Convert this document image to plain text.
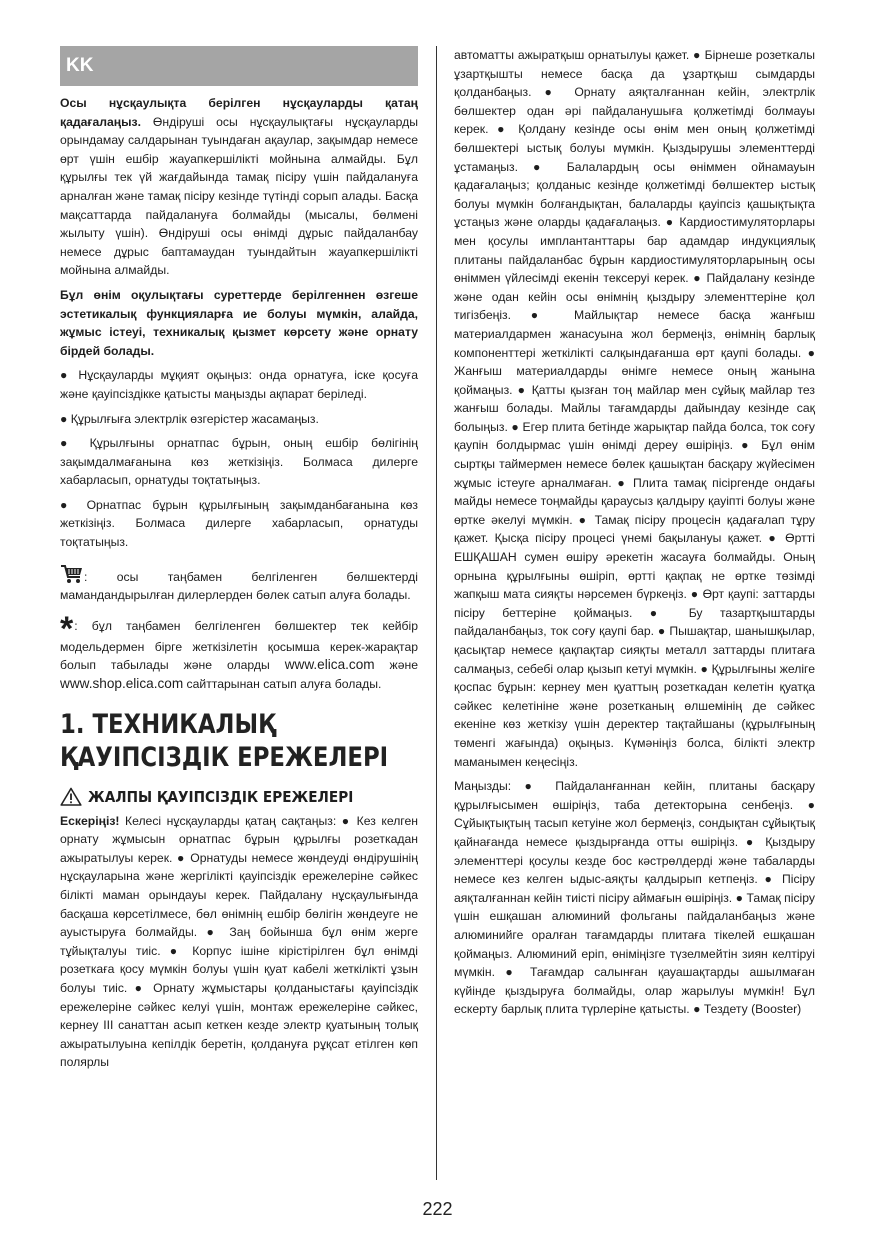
KK

Осы нұсқаулықта берілген нұсқауларды қатаң қадағалаңыз. Өндіруші осы нұсқаулықтағы нұсқауларды орындамау салдарынан туындаған ақаулар, зақымдар немесе өрт үшін ешбір жауапкершілікті мойнына алмайды. Бұл құрылғы тек үй жағдайында тамақ пісіру үшін пайдалануға арналған және тамақ пісіру кезінде түтінді сорып алады. Басқа мақсаттарда пайдалануға болмайды (мысалы, бөлмені жылыту үшін). Өндіруші осы өнімді дұрыс пайдаланбау немесе дұрыс баптамаудан туындайтын жауапкершілікті мойнына алмайды.

Бұл өнім оқулықтағы суреттерде берілгеннен өзгеше эстетикалық функцияларға ие болуы мүмкін, алайда, жұмыс істеуі, техникалық қызмет көрсету және орнату бірдей болады.

● Нұсқауларды мұқият оқыңыз: онда орнатуға, іске қосуға және қауіпсіздікке қатысты маңызды ақпарат беріледі.

● Құрылғыға электрлік өзгерістер жасамаңыз.

● Құрылғыны орнатпас бұрын, оның ешбір бөлігінің зақымдалмағанына көз жеткізіңіз. Болмаса дилерге хабарласып, орнатуды тоқтатыңыз.

● Орнатпас бұрын құрылғының зақымданбағанына көз жеткізіңіз. Болмаса дилерге хабарласып, орнатуды тоқтатыңыз.

: осы таңбамен белгіленген бөлшектерді мамандандырылған дилерлерден бөлек сатып алуға болады.

*: бұл таңбамен белгіленген бөлшектер тек кейбір модельдермен бірге жеткізілетін қосымша керек-жарақтар болып табылады және оларды www.elica.com және www.shop.elica.com сайттарынан сатып алуға болады.

1. ТЕХНИКАЛЫҚ ҚАУІПСІЗДІК ЕРЕЖЕЛЕРІ
ЖАЛПЫ ҚАУІПСІЗДІК ЕРЕЖЕЛЕРІ

Ескеріңіз! Келесі нұсқауларды қатаң сақтаңыз: ● Кез келген орнату жұмысын орнатпас бұрын құрылғы розеткадан ажыратылуы керек. ● Орнатуды немесе жөндеуді өндірушінің нұсқауларына және жергілікті қауіпсіздік ережелеріне сәйкес білікті маман орындауы керек. Пайдалану нұсқаулығында басқаша көрсетілмесе, бөл өнімнің ешбір бөлігін жөндеуге не ауыстыруға болмайды. ● Заң бойынша бұл өнім жерге тұйықталуы тиіс. ● Корпус ішіне кірістірілген бұл өнімді розеткаға қосу мүмкін болуы үшін қуат кабелі жеткілікті ұзын болуы тиіс. ● Орнату жұмыстары қолданыстағы қауіпсіздік ережелеріне сәйкес келуі үшін, монтаж ережелеріне сәйкес, кернеу III санаттан асып кеткен кезде электр қуатының толық ажыратылуына кепілдік беретін, қолдануға рұқсат етілген көп полярлы

автоматты ажыратқыш орнатылуы қажет. ● Бірнеше розеткалы ұзартқышты немесе басқа да ұзартқыш сымдарды қолданбаңыз. ● Орнату аяқталғаннан кейін, электрлік бөлшектер одан әрі пайдаланушыға қолжетімді болмауы керек. ● Қолдану кезінде осы өнім мен оның қолжетімді бөлшектері ыстық болуы мүмкін. Қыздырушы элементтерді ұстамаңыз. ● Балалардың осы өніммен ойнамауын қадағалаңыз; қолданыс кезінде қолжетімді бөлшектер ыстық болуы мүмкін болғандықтан, балаларды қауіпсіз қашықтықта ұстаңыз және оларды қадағалаңыз. ● Кардиостимуляторлары мен қосулы имплантанттары бар адамдар индукциялық плитаны пайдаланбас бұрын кардиостимуляторларының осы өніммен үйлесімді екенін тексеруі керек. ● Пайдалану кезінде және одан кейін осы өнімнің қыздыру элементтеріне қол тигізбеңіз. ● Майлықтар немесе басқа жанғыш материалдармен жанасуына жол бермеңіз, өнімнің барлық компоненттері жеткілікті салқындағанша өрт қаупі болады. ● Жанғыш материалдарды өнімге немесе оның жанына қоймаңыз. ● Қатты қызған тоң майлар мен сұйық майлар тез жанғыш болады. Майлы тағамдарды дайындау кезінде сақ болыңыз. ● Егер плита бетінде жарықтар пайда болса, ток соғу қаупін болдырмас үшін өнімді дереу өшіріңіз. ● Бұл өнім сыртқы таймермен немесе бөлек қашықтан басқару жүйесімен жұмыс істеуге арналмаған. ● Плита тамақ пісіргенде ондағы майды немесе тоңмайды қараусыз қалдыру қауіпті болуы және өртке әкелуі мүмкін. ● Тамақ пісіру процесін қадағалап тұру қажет. Қысқа пісіру процесі үнемі бақылануы қажет. ● Өртті ЕШҚАШАН сумен өшіру әрекетін жасауға болмайды. Оның орнына құрылғыны өшіріп, өртті қақпақ не өртке төзімді жапқыш мата сияқты нәрсемен бүркеңіз. ● Өрт қаупі: заттарды пісіру беттеріне қоймаңыз. ● Бу тазартқыштарды пайдаланбаңыз, ток соғу қаупі бар. ● Пышақтар, шанышқылар, қасықтар немесе қақпақтар сияқты металл заттарды плитаға салмаңыз, себебі олар қызып кетуі мүмкін. ● Құрылғыны желіге қоспас бұрын: кернеу мен қуаттың розеткадан келетін қуатқа сәйкес келетініне және розетканың өлшемінің де сәйкес екеніне көз жеткізу үшін деректер тақтайшаны (құрылғының төменгі жағында) оқыңыз. Күмәніңіз болса, білікті электр маманымен кеңесіңіз.

Маңызды: ● Пайдаланғаннан кейін, плитаны басқару құрылғысымен өшіріңіз, таба детекторына сенбеңіз. ● Сұйықтықтың тасып кетуіне жол бермеңіз, сондықтан сұйықтық қайнағанда немесе қыздырғанда отты өшіріңіз. ● Қыздыру элементтері қосулы кезде бос кәстрөлдерді және табаларды немесе кез келген ыдыс-аяқты қалдырып кетпеңіз. ● Пісіру аяқталғаннан кейін тиісті пісіру аймағын өшіріңіз. ● Тамақ пісіру үшін ешқашан алюминий фольганы пайдаланбаңыз және алюминийге оралған тағамдарды плитаға тікелей ешқашан қоймаңыз. Алюминий еріп, өніміңізге түзелмейтін зиян келтіруі мүмкін. ● Тағамдар салынған қауашақтарды ашылмаған күйінде қыздыруға болмайды, олар жарылуы мүмкін! Бұл ескерту барлық плита түрлеріне қатысты. ● Тездету (Booster)

222
